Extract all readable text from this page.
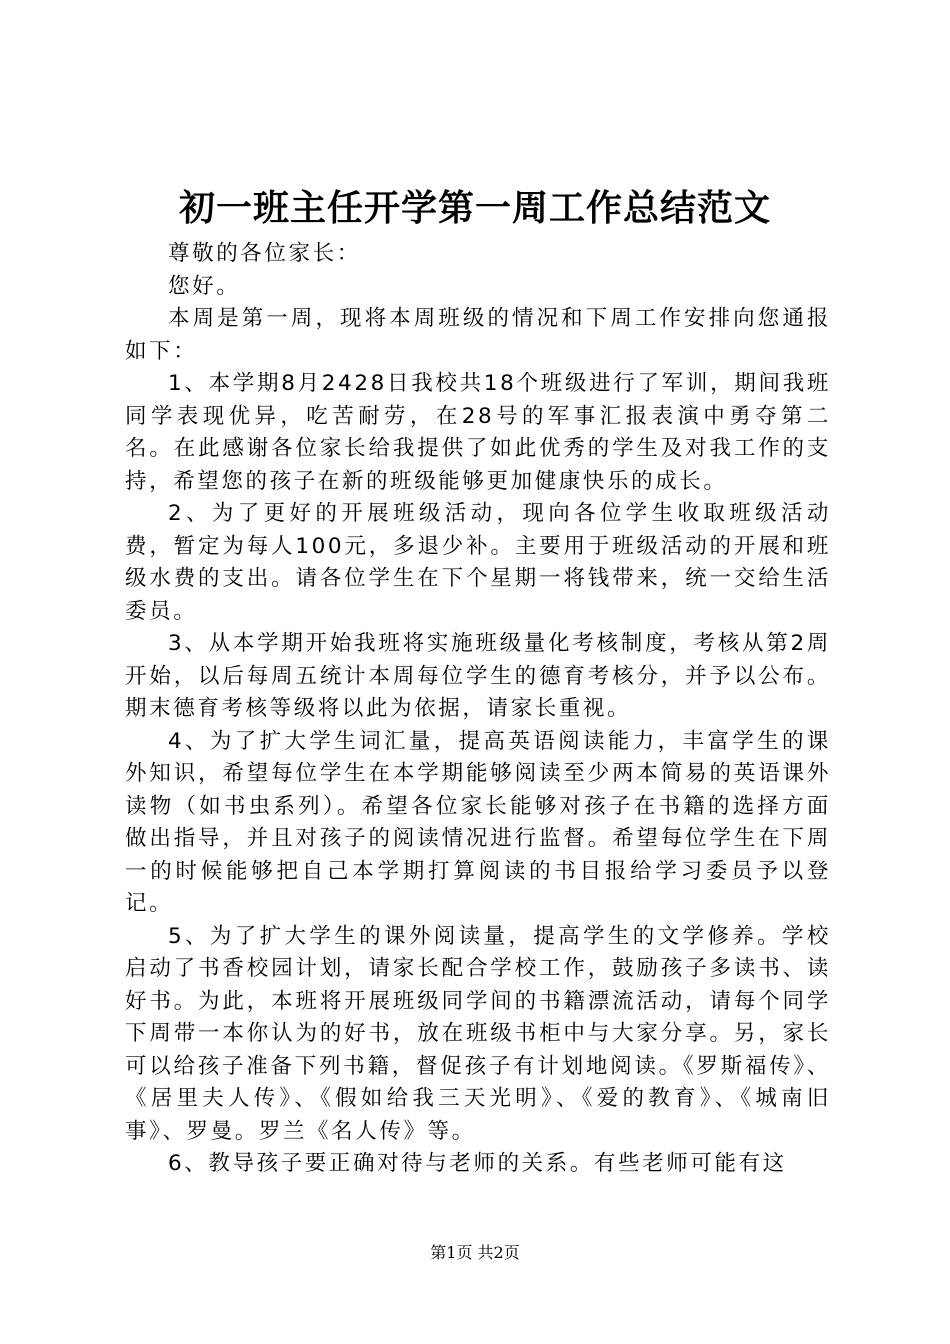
初一班主任开学第一周工作总结范文

尊敬的各位家长：

您好。

本周是第一周，现将本周班级的情况和下周工作安排向您通报如下：

1、本学期8月2428日我校共18个班级进行了军训，期间我班同学表现优异，吃苦耐劳，在28号的军事汇报表演中勇夺第二名。在此感谢各位家长给我提供了如此优秀的学生及对我工作的支持，希望您的孩子在新的班级能够更加健康快乐的成长。

2、为了更好的开展班级活动，现向各位学生收取班级活动费，暂定为每人100元，多退少补。主要用于班级活动的开展和班级水费的支出。请各位学生在下个星期一将钱带来，统一交给生活委员。

3、从本学期开始我班将实施班级量化考核制度，考核从第2周开始，以后每周五统计本周每位学生的德育考核分，并予以公布。期末德育考核等级将以此为依据，请家长重视。

4、为了扩大学生词汇量，提高英语阅读能力，丰富学生的课外知识，希望每位学生在本学期能够阅读至少两本简易的英语课外读物（如书虫系列）。希望各位家长能够对孩子在书籍的选择方面做出指导，并且对孩子的阅读情况进行监督。希望每位学生在下周一的时候能够把自己本学期打算阅读的书目报给学习委员予以登记。

5、为了扩大学生的课外阅读量，提高学生的文学修养。学校启动了书香校园计划，请家长配合学校工作，鼓励孩子多读书、读好书。为此，本班将开展班级同学间的书籍漂流活动，请每个同学下周带一本你认为的好书，放在班级书柜中与大家分享。另，家长可以给孩子准备下列书籍，督促孩子有计划地阅读。《罗斯福传》、《居里夫人传》、《假如给我三天光明》、《爱的教育》、《城南旧事》、罗曼。罗兰《名人传》等。

6、教导孩子要正确对待与老师的关系。有些老师可能有这

第1页 共2页
